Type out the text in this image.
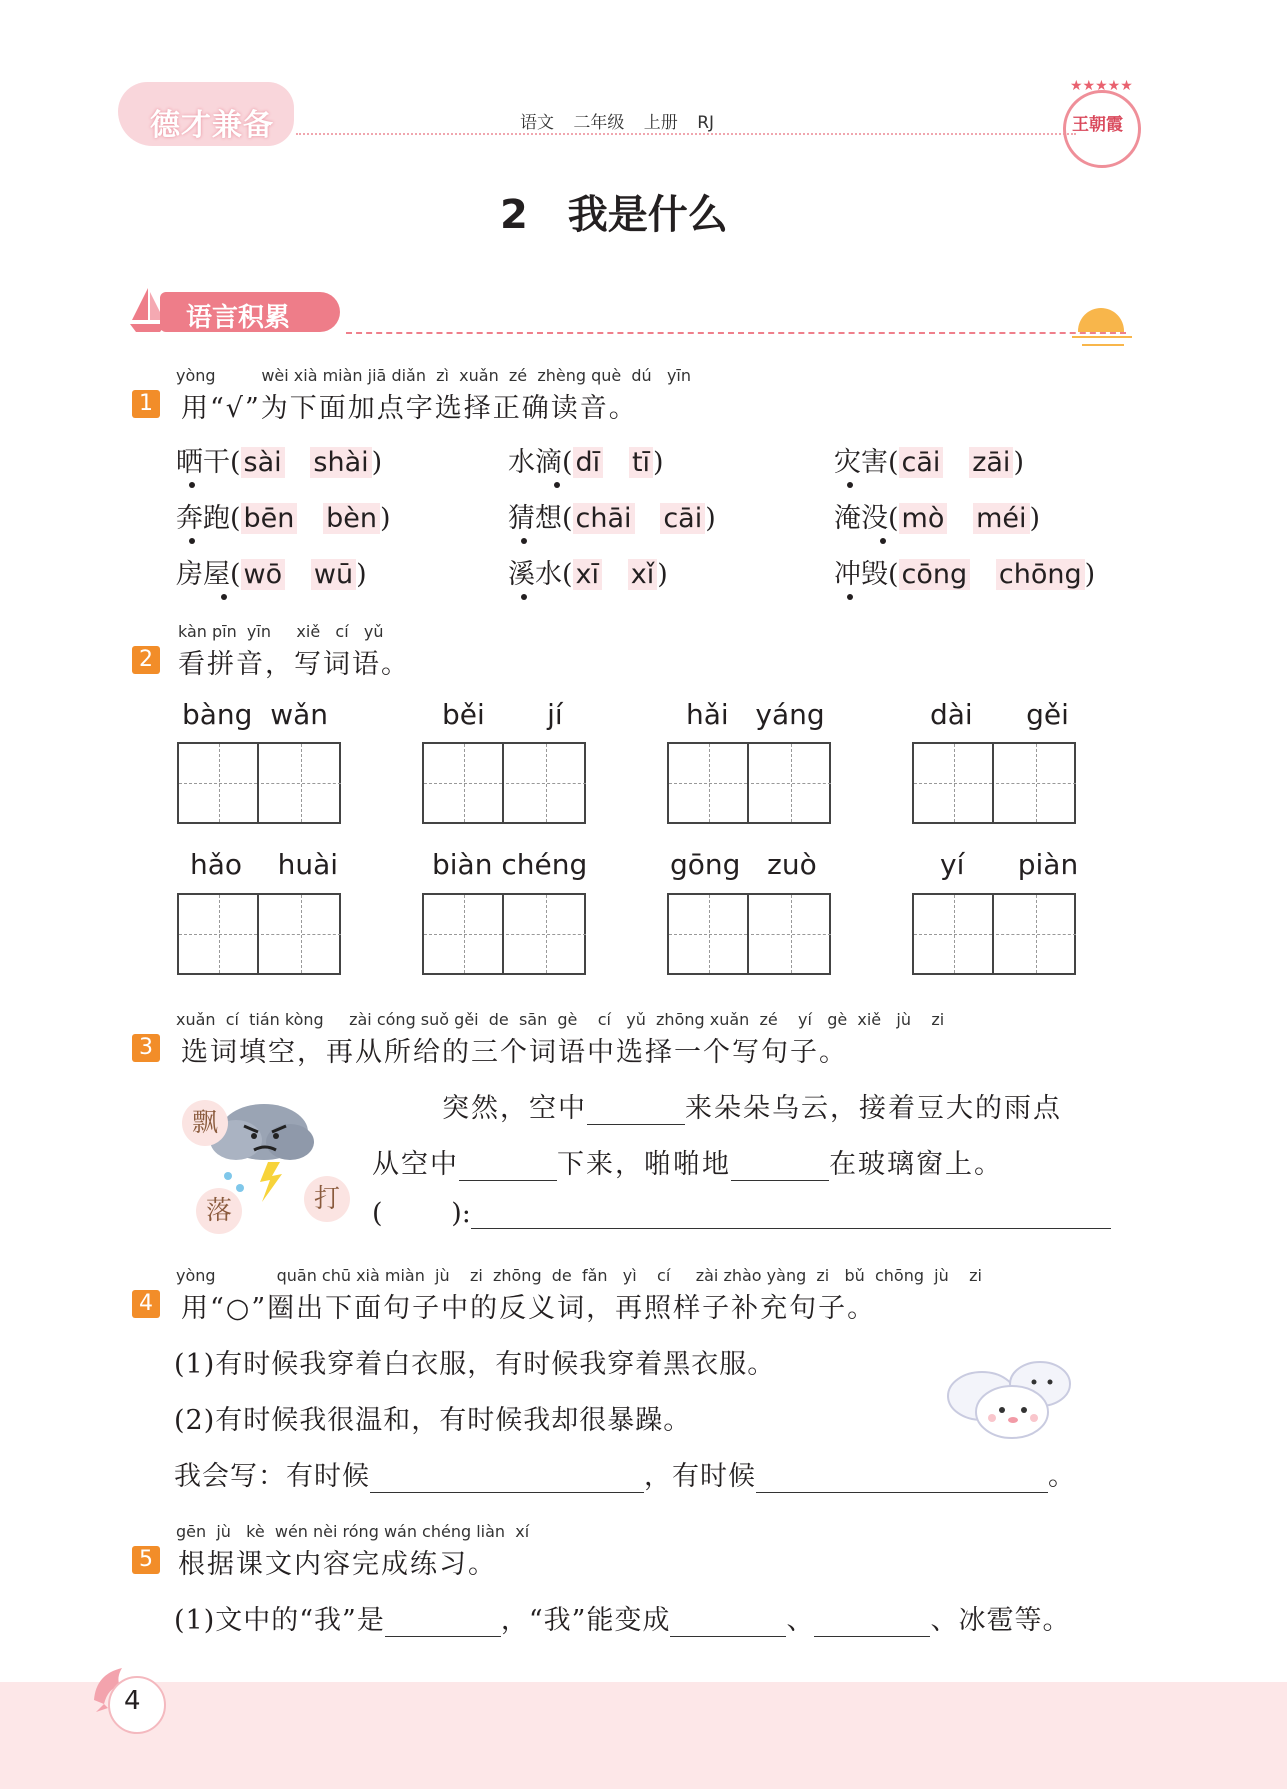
德才兼备	语文 二年级 上册 RJ
★★★★★
王朝霞
2 我是什么
语言积累
yòng         wèi xià miàn jiā diǎn  zì  xuǎn  zé  zhèng què  dú   yīn
1 用“√”为下面加点字选择正确读音。
晒干( sài shài )	水滴( dī tī )	灾害( cāi zāi )
奔跑( bēn bèn )	猜想( chāi cāi )	淹没( mò méi )
房屋( wō wū )	溪水( xī xǐ )	冲毁( cōng chōng )
kàn pīn  yīn     xiě   cí   yǔ
2 看拼音，写词语。
bàng  wǎn	běi       jí	hǎi   yáng	dài      gěi
hǎo    huài	biàn chéng	gōng   zuò	yí      piàn
xuǎn  cí  tián kòng     zài cóng suǒ gěi  de  sān  gè    cí   yǔ  zhōng xuǎn  zé    yí   gè  xiě   jù    zi
3 选词填空，再从所给的三个词语中选择一个写句子。
飘
落	打
突然，空中	来朵朵乌云，接着豆大的雨点
从空中	下来，啪啪地	在玻璃窗上。
(        ):
yòng            quān chū xià miàn  jù    zi  zhōng  de  fǎn   yì    cí     zài zhào yàng  zi   bǔ  chōng  jù    zi
4 用“○”圈出下面句子中的反义词，再照样子补充句子。
(1)有时候我穿着白衣服，有时候我穿着黑衣服。
(2)有时候我很温和，有时候我却很暴躁。
我会写：有时候	，有时候	。
gēn  jù   kè  wén nèi róng wán chéng liàn  xí
5 根据课文内容完成练习。
(1)文中的“我”是	，“我”能变成	、	、冰雹等。
4
